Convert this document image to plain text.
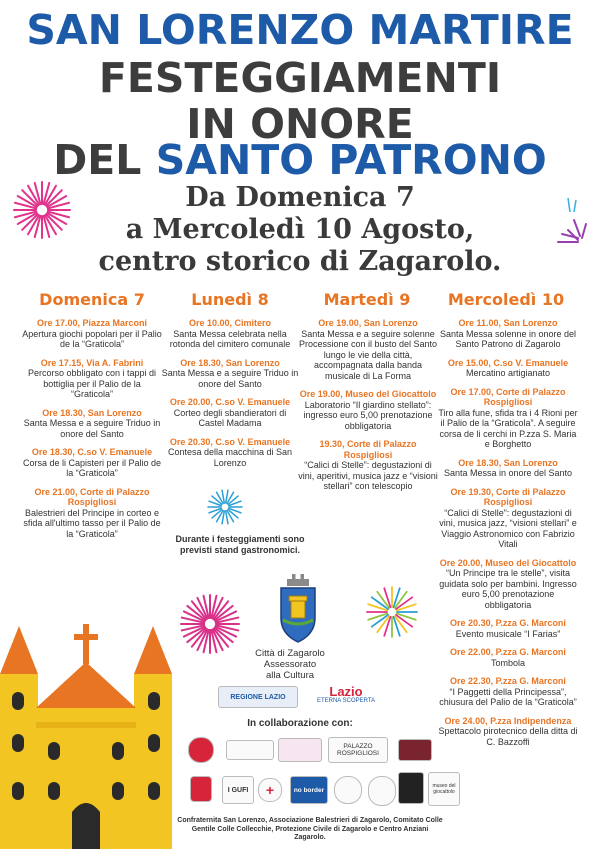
SAN LORENZO MARTIRE
FESTEGGIAMENTI
IN ONORE
DEL SANTO PATRONO
Da Domenica 7
a Mercoledì 10 Agosto,
centro storico di Zagarolo.
Domenica 7	Lunedì 8	Martedì 9	Mercoledì 10
Ore 17.00, Piazza Marconi
Apertura giochi popolari per il Palio de la “Graticola”
Ore 17.15, Via A. Fabrini
Percorso obbligato con i tappi di bottiglia per il Palio de la “Graticola”
Ore 18.30, San Lorenzo
Santa Messa e a seguire Triduo in onore del Santo
Ore 18.30, C.so V. Emanuele
Corsa de li Capisteri per il Palio de la “Graticola”
Ore 21.00, Corte di Palazzo Rospigliosi
Balestrieri del Principe in corteo e sfida all'ultimo tasso per il Palio de la “Graticola”
Ore 10.00, Cimitero
Santa Messa celebrata nella rotonda del cimitero comunale
Ore 18.30, San Lorenzo
Santa Messa e a seguire Triduo in onore del Santo
Ore 20.00, C.so V. Emanuele
Corteo degli sbandieratori di Castel Madama
Ore 20.30, C.so V. Emanuele
Contesa della macchina di San Lorenzo
Durante i festeggiamenti sono previsti stand gastronomici.
Ore 19.00, San Lorenzo
Santa Messa e a seguire solenne Processione con il busto del Santo lungo le vie della città, accompagnata dalla banda musicale di La Forma
Ore 19.00, Museo del Giocattolo
Laboratorio “Il giardino stellato”: ingresso euro 5,00 prenotazione obbligatoria
19.30, Corte di Palazzo Rospigliosi
“Calici di Stelle”: degustazioni di vini, aperitivi, musica jazz e “visioni stellari” con telescopio
Ore 11.00, San Lorenzo
Santa Messa solenne in onore del Santo Patrono di Zagarolo
Ore 15.00, C.so V. Emanuele
Mercatino artigianato
Ore 17.00, Corte di Palazzo Rospigliosi
Tiro alla fune, sfida tra i 4 Rioni per il Palio de la “Graticola”. A seguire corsa de li cerchi in P.zza S. Maria e Borghetto
Ore 18.30, San Lorenzo
Santa Messa in onore del Santo
Ore 19.30, Corte di Palazzo Rospigliosi
“Calici di Stelle”: degustazioni di vini, musica jazz, “visioni stellari” e Viaggio Astronomico con Fabrizio Vitali
Ore 20.00, Museo del Giocattolo
“Un Principe tra le stelle”, visita guidata solo per bambini. Ingresso euro 5,00 prenotazione obbligatoria
Ore 20.30, P.zza G. Marconi
Evento musicale “I Farias”
Ore 22.00, P.zza G. Marconi
Tombola
Ore 22.30, P.zza G. Marconi
“I Paggetti della Principessa”, chiusura del Palio de la “Graticola”
Ore 24.00, P.zza Indipendenza
Spettacolo pirotecnico della ditta di C. Bazzoffi
Città di Zagarolo
Assessorato
alla Cultura
REGIONE LAZIO	Lazio
ETERNA SCOPERTA
In collaborazione con:
PALAZZO ROSPIGLIOSI
I GUFI +	no border
museo del giocattolo
Confraternita San Lorenzo, Associazione Balestrieri di Zagarolo, Comitato Colle Gentile Colle Collecchie, Protezione Civile di Zagarolo e Centro Anziani Zagarolo.
